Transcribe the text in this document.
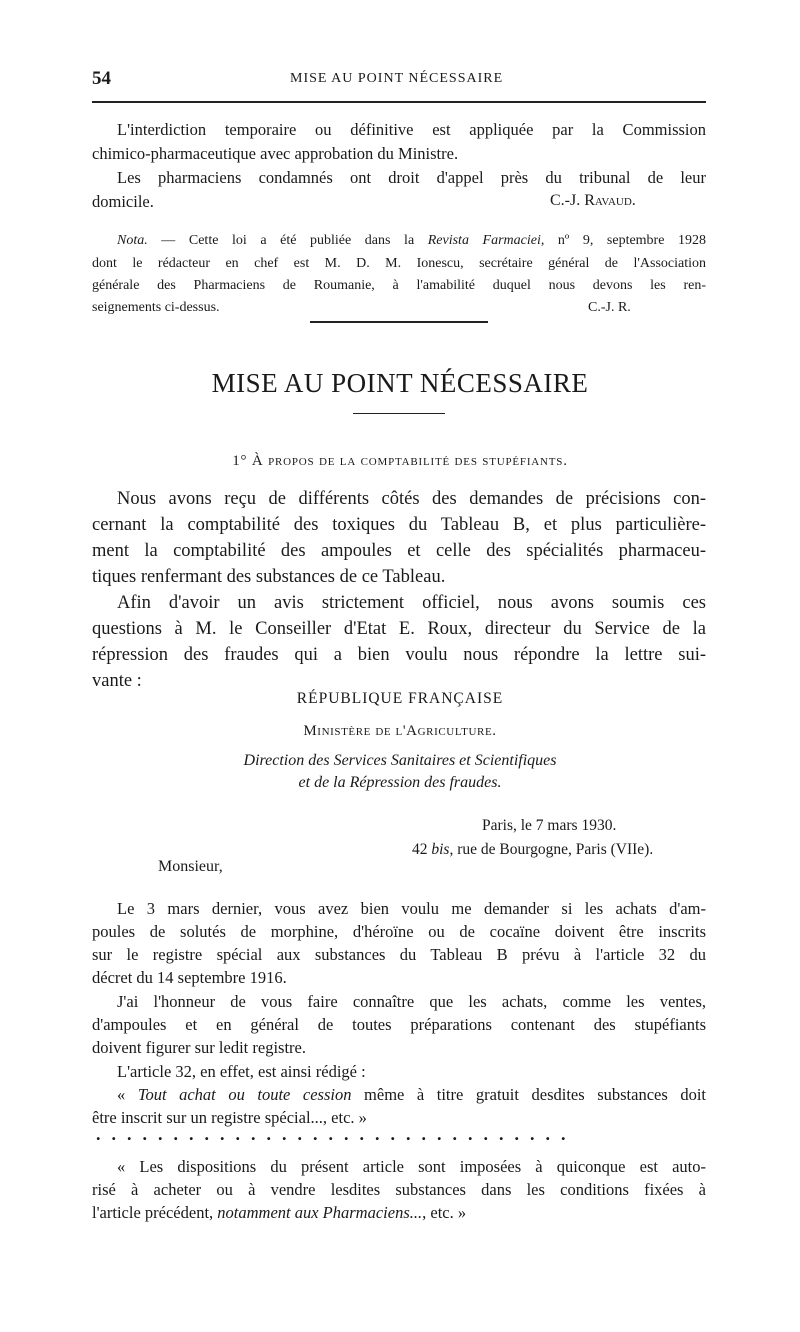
54	MISE AU POINT NÉCESSAIRE
L'interdiction temporaire ou définitive est appliquée par la Commission
chimico-pharmaceutique avec approbation du Ministre.
Les pharmaciens condamnés ont droit d'appel près du tribunal de leur
domicile.	C.-J. Ravaud.
Nota. — Cette loi a été publiée dans la Revista Farmaciei, nº 9, septembre 1928
dont le rédacteur en chef est M. D. M. Ionescu, secrétaire général de l'Association
générale des Pharmaciens de Roumanie, à l'amabilité duquel nous devons les ren-
seignements ci-dessus.	C.-J. R.
MISE AU POINT NÉCESSAIRE
1° À propos de la comptabilité des stupéfiants.
Nous avons reçu de différents côtés des demandes de précisions con-
cernant la comptabilité des toxiques du Tableau B, et plus particulière-
ment la comptabilité des ampoules et celle des spécialités pharmaceu-
tiques renfermant des substances de ce Tableau.
Afin d'avoir un avis strictement officiel, nous avons soumis ces
questions à M. le Conseiller d'Etat E. Roux, directeur du Service de la
répression des fraudes qui a bien voulu nous répondre la lettre sui-
vante :
RÉPUBLIQUE FRANÇAISE
Ministère de l'Agriculture.
Direction des Services Sanitaires et Scientifiques
et de la Répression des fraudes.
Paris, le 7 mars 1930.
42 bis, rue de Bourgogne, Paris (VIIe).
Monsieur,
Le 3 mars dernier, vous avez bien voulu me demander si les achats d'am-
poules de solutés de morphine, d'héroïne ou de cocaïne doivent être inscrits
sur le registre spécial aux substances du Tableau B prévu à l'article 32 du
décret du 14 septembre 1916.
J'ai l'honneur de vous faire connaître que les achats, comme les ventes,
d'ampoules et en général de toutes préparations contenant des stupéfiants
doivent figurer sur ledit registre.
L'article 32, en effet, est ainsi rédigé :
« Tout achat ou toute cession même à titre gratuit desdites substances doit
être inscrit sur un registre spécial..., etc. »
...............................
« Les dispositions du présent article sont imposées à quiconque est auto-
risé à acheter ou à vendre lesdites substances dans les conditions fixées à
l'article précédent, notamment aux Pharmaciens..., etc. »
